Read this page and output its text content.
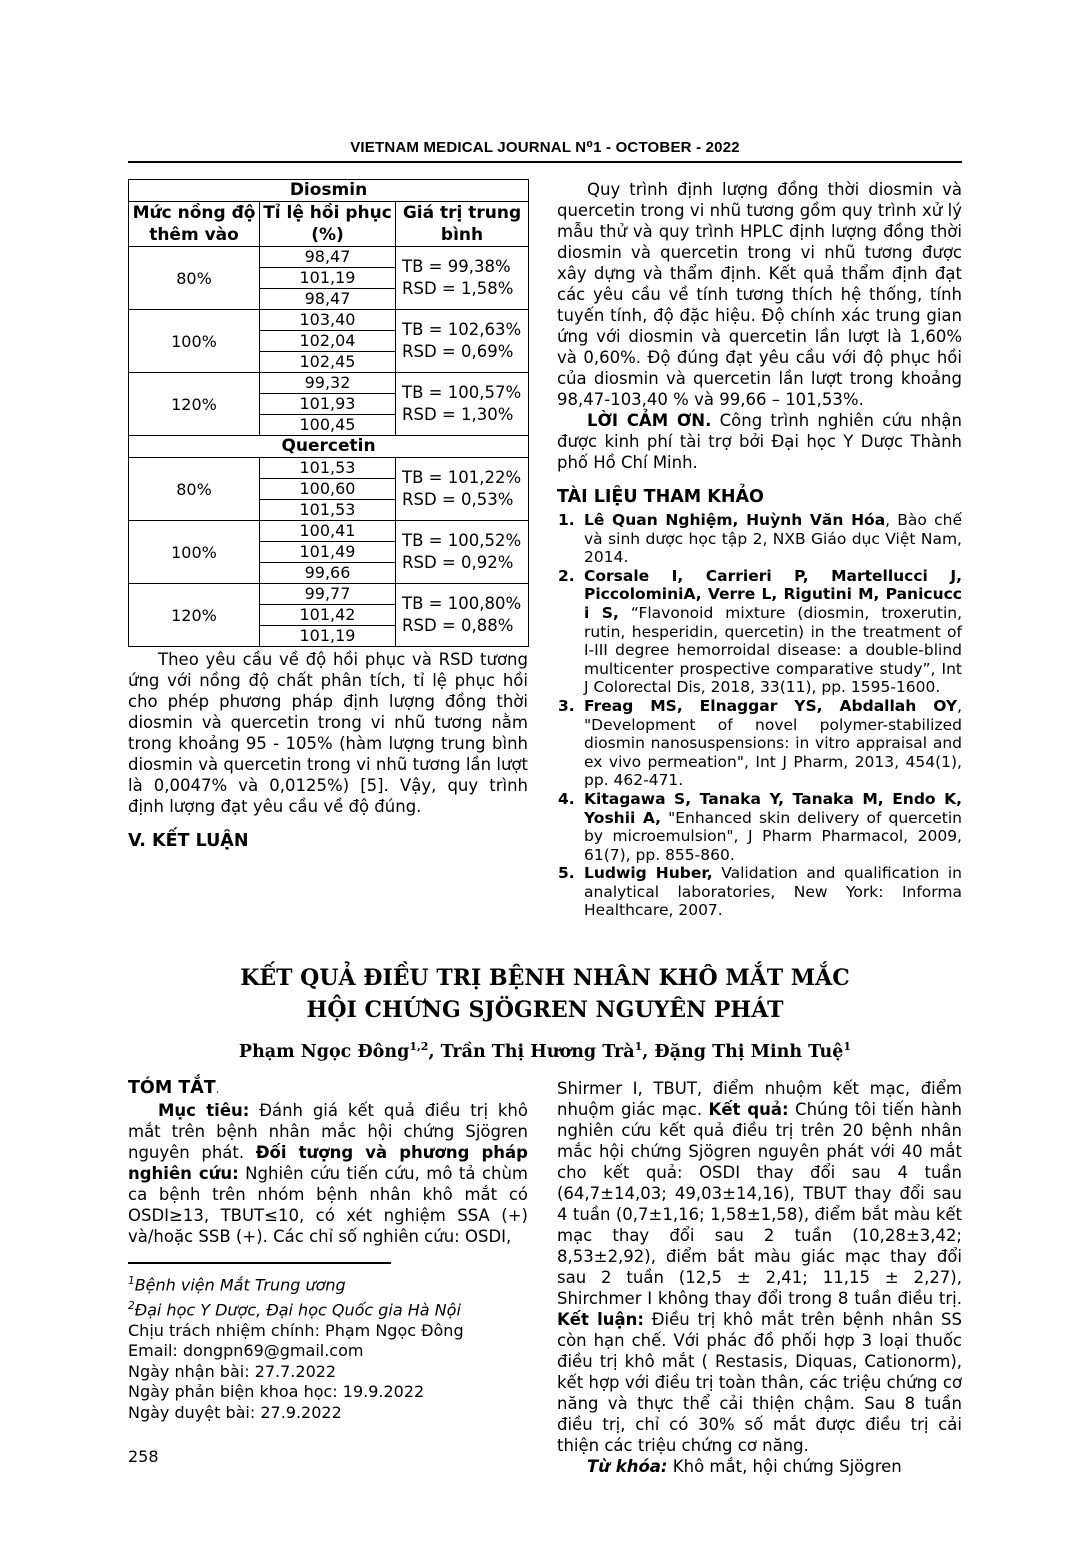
VIETNAM MEDICAL JOURNAL N⁰1 - OCTOBER - 2022
Diosmin		
Mức nồng độ thêm vào	Tỉ lệ hồi phục (%)	Giá trị trung bình
80%	98,47	TB = 99,38%
RSD = 1,58%

	101,19	
	98,47	
100%	103,40	TB = 102,63%
RSD = 0,69%

	102,04	
	102,45	
120%	99,32	TB = 100,57%
RSD = 1,30%

	101,93	
	100,45	
Quercetin		
80%	101,53	TB = 101,22%
RSD = 0,53%

	100,60	
	101,53	
100%	100,41	TB = 100,52%
RSD = 0,92%

	101,49	
	99,66	
120%	99,77	TB = 100,80%
RSD = 0,88%

	101,42	
	101,19	

Theo yêu cầu về độ hồi phục và RSD tương ứng với nồng độ chất phân tích, tỉ lệ phục hồi cho phép phương pháp định lượng đồng thời diosmin và quercetin trong vi nhũ tương nằm trong khoảng 95 - 105% (hàm lượng trung bình diosmin và quercetin trong vi nhũ tương lần lượt là 0,0047% và 0,0125%) [5]. Vậy, quy trình định lượng đạt yêu cầu về độ đúng.

V. KẾT LUẬN

Quy trình định lượng đồng thời diosmin và quercetin trong vi nhũ tương gồm quy trình xử lý mẫu thử và quy trình HPLC định lượng đồng thời diosmin và quercetin trong vi nhũ tương được xây dựng và thẩm định. Kết quả thẩm định đạt các yêu cầu về tính tương thích hệ thống, tính tuyến tính, độ đặc hiệu. Độ chính xác trung gian ứng với diosmin và quercetin lần lượt là 1,60% và 0,60%. Độ đúng đạt yêu cầu với độ phục hồi của diosmin và quercetin lần lượt trong khoảng 98,47-103,40 % và 99,66 – 101,53%.

LỜI CẢM ƠN. Công trình nghiên cứu nhận được kinh phí tài trợ bởi Đại học Y Dược Thành phố Hồ Chí Minh.

TÀI LIỆU THAM KHẢO
1. Lê Quan Nghiệm, Huỳnh Văn Hóa, Bào chế và sinh dược học tập 2, NXB Giáo dục Việt Nam, 2014.
2. Corsale I, Carrieri P, Martellucci J, PiccolominiA, Verre L, Rigutini M, Panicucc i S, “Flavonoid mixture (diosmin, troxerutin, rutin, hesperidin, quercetin) in the treatment of I-III degree hemorroidal disease: a double-blind multicenter prospective comparative study”, Int J Colorectal Dis, 2018, 33(11), pp. 1595-1600.
3. Freag MS, Elnaggar YS, Abdallah OY, "Development of novel polymer-stabilized diosmin nanosuspensions: in vitro appraisal and ex vivo permeation", Int J Pharm, 2013, 454(1), pp. 462-471.
4. Kitagawa S, Tanaka Y, Tanaka M, Endo K, Yoshii A, "Enhanced skin delivery of quercetin by microemulsion", J Pharm Pharmacol, 2009, 61(7), pp. 855-860.
5. Ludwig Huber, Validation and qualification in analytical laboratories, New York: Informa Healthcare, 2007.
KẾT QUẢ ĐIỀU TRỊ BỆNH NHÂN KHÔ MẮT MẮC
HỘI CHỨNG SJÖGREN NGUYÊN PHÁT
Phạm Ngọc Đông$^{1,2}$, Trần Thị Hương Trà$^1$, Đặng Thị Minh Tuệ$^1$
TÓM TẮT.

Mục tiêu: Đánh giá kết quả điều trị khô mắt trên bệnh nhân mắc hội chứng Sjögren nguyên phát. Đối tượng và phương pháp nghiên cứu: Nghiên cứu tiến cứu, mô tả chùm ca bệnh trên nhóm bệnh nhân khô mắt có OSDI≥13, TBUT≤10, có xét nghiệm SSA (+) và/hoặc SSB (+). Các chỉ số nghiên cứu: OSDI,

$^1$Bệnh viện Mắt Trung ương
$^2$Đại học Y Dược, Đại học Quốc gia Hà Nội
Chịu trách nhiệm chính: Phạm Ngọc Đông
Email: dongpn69@gmail.com
Ngày nhận bài: 27.7.2022
Ngày phản biện khoa học: 19.9.2022
Ngày duyệt bài: 27.9.2022
258

Shirmer I, TBUT, điểm nhuộm kết mạc, điểm nhuộm giác mạc. Kết quả: Chúng tôi tiến hành nghiên cứu kết quả điều trị trên 20 bệnh nhân mắc hội chứng Sjögren nguyên phát với 40 mắt cho kết quả: OSDI thay đổi sau 4 tuần (64,7±14,03; 49,03±14,16), TBUT thay đổi sau 4 tuần (0,7±1,16; 1,58±1,58), điểm bắt màu kết mạc thay đổi sau 2 tuần (10,28±3,42; 8,53±2,92), điểm bắt màu giác mạc thay đổi sau 2 tuần (12,5 ± 2,41; 11,15 ± 2,27), Shirchmer I không thay đổi trong 8 tuần điều trị. Kết luận: Điều trị khô mắt trên bệnh nhân SS còn hạn chế. Với phác đồ phối hợp 3 loại thuốc điều trị khô mắt ( Restasis, Diquas, Cationorm), kết hợp với điều trị toàn thân, các triệu chứng cơ năng và thực thể cải thiện chậm. Sau 8 tuần điều trị, chỉ có 30% số mắt được điều trị cải thiện các triệu chứng cơ năng.

Từ khóa: Khô mắt, hội chứng Sjögren
